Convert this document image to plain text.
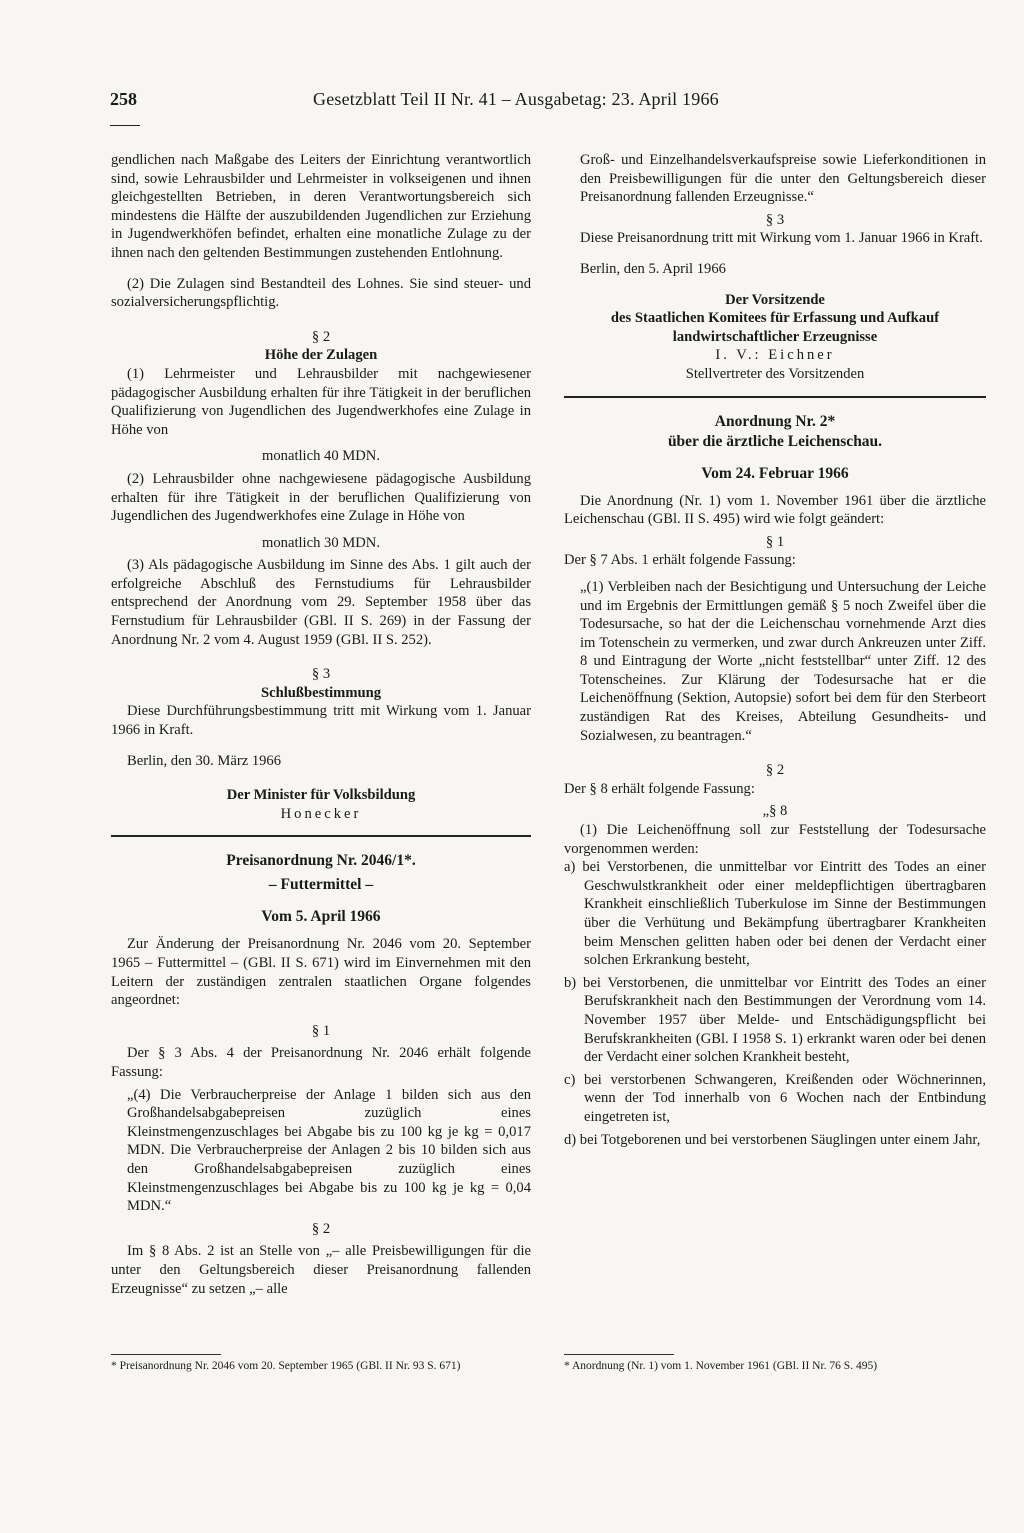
258	Gesetzblatt Teil II Nr. 41 – Ausgabetag: 23. April 1966

gendlichen nach Maßgabe des Leiters der Einrichtung verantwortlich sind, sowie Lehrausbilder und Lehrmeister in volkseigenen und ihnen gleichgestellten Betrieben, in deren Verantwortungsbereich sich mindestens die Hälfte der auszubildenden Jugendlichen zur Erziehung in Jugendwerkhöfen befindet, erhalten eine monatliche Zulage zu der ihnen nach den geltenden Bestimmungen zustehenden Entlohnung.

(2) Die Zulagen sind Bestandteil des Lohnes. Sie sind steuer- und sozialversicherungspflichtig.

§ 2

Höhe der Zulagen

(1) Lehrmeister und Lehrausbilder mit nachgewiesener pädagogischer Ausbildung erhalten für ihre Tätigkeit in der beruflichen Qualifizierung von Jugendlichen des Jugendwerkhofes eine Zulage in Höhe von

monatlich 40 MDN.

(2) Lehrausbilder ohne nachgewiesene pädagogische Ausbildung erhalten für ihre Tätigkeit in der beruflichen Qualifizierung von Jugendlichen des Jugendwerkhofes eine Zulage in Höhe von

monatlich 30 MDN.

(3) Als pädagogische Ausbildung im Sinne des Abs. 1 gilt auch der erfolgreiche Abschluß des Fernstudiums für Lehrausbilder entsprechend der Anordnung vom 29. September 1958 über das Fernstudium für Lehrausbilder (GBl. II S. 269) in der Fassung der Anordnung Nr. 2 vom 4. August 1959 (GBl. II S. 252).

§ 3

Schlußbestimmung

Diese Durchführungsbestimmung tritt mit Wirkung vom 1. Januar 1966 in Kraft.

Berlin, den 30. März 1966

Der Minister für Volksbildung

Honecker

Preisanordnung Nr. 2046/1*.

– Futtermittel –

Vom 5. April 1966

Zur Änderung der Preisanordnung Nr. 2046 vom 20. September 1965 – Futtermittel – (GBl. II S. 671) wird im Einvernehmen mit den Leitern der zuständigen zentralen staatlichen Organe folgendes angeordnet:

§ 1

Der § 3 Abs. 4 der Preisanordnung Nr. 2046 erhält folgende Fassung:

„(4) Die Verbraucherpreise der Anlage 1 bilden sich aus den Großhandelsabgabepreisen zuzüglich eines Kleinstmengenzuschlages bei Abgabe bis zu 100 kg je kg = 0,017 MDN. Die Verbraucherpreise der Anlagen 2 bis 10 bilden sich aus den Großhandelsabgabepreisen zuzüglich eines Kleinstmengenzuschlages bei Abgabe bis zu 100 kg je kg = 0,04 MDN.“

§ 2

Im § 8 Abs. 2 ist an Stelle von „– alle Preisbewilligungen für die unter den Geltungsbereich dieser Preisanordnung fallenden Erzeugnisse“ zu setzen „– alle

Groß- und Einzelhandelsverkaufspreise sowie Lieferkonditionen in den Preisbewilligungen für die unter den Geltungsbereich dieser Preisanordnung fallenden Erzeugnisse.“

§ 3

Diese Preisanordnung tritt mit Wirkung vom 1. Januar 1966 in Kraft.

Berlin, den 5. April 1966

Der Vorsitzende

des Staatlichen Komitees für Erfassung und Aufkauf

landwirtschaftlicher Erzeugnisse

I. V.: Eichner

Stellvertreter des Vorsitzenden

Anordnung Nr. 2*

über die ärztliche Leichenschau.

Vom 24. Februar 1966

Die Anordnung (Nr. 1) vom 1. November 1961 über die ärztliche Leichenschau (GBl. II S. 495) wird wie folgt geändert:

§ 1

Der § 7 Abs. 1 erhält folgende Fassung:

„(1) Verbleiben nach der Besichtigung und Untersuchung der Leiche und im Ergebnis der Ermittlungen gemäß § 5 noch Zweifel über die Todesursache, so hat der die Leichenschau vornehmende Arzt dies im Totenschein zu vermerken, und zwar durch Ankreuzen unter Ziff. 8 und Eintragung der Worte „nicht feststellbar“ unter Ziff. 12 des Totenscheines. Zur Klärung der Todesursache hat er die Leichenöffnung (Sektion, Autopsie) sofort bei dem für den Sterbeort zuständigen Rat des Kreises, Abteilung Gesundheits- und Sozialwesen, zu beantragen.“

§ 2

Der § 8 erhält folgende Fassung:

„§ 8

(1) Die Leichenöffnung soll zur Feststellung der Todesursache vorgenommen werden:

a) bei Verstorbenen, die unmittelbar vor Eintritt des Todes an einer Geschwulstkrankheit oder einer meldepflichtigen übertragbaren Krankheit einschließlich Tuberkulose im Sinne der Bestimmungen über die Verhütung und Bekämpfung übertragbarer Krankheiten beim Menschen gelitten haben oder bei denen der Verdacht einer solchen Erkrankung besteht,

b) bei Verstorbenen, die unmittelbar vor Eintritt des Todes an einer Berufskrankheit nach den Bestimmungen der Verordnung vom 14. November 1957 über Melde- und Entschädigungspflicht bei Berufskrankheiten (GBl. I 1958 S. 1) erkrankt waren oder bei denen der Verdacht einer solchen Krankheit besteht,

c) bei verstorbenen Schwangeren, Kreißenden oder Wöchnerinnen, wenn der Tod innerhalb von 6 Wochen nach der Entbindung eingetreten ist,

d) bei Totgeborenen und bei verstorbenen Säuglingen unter einem Jahr,

* Preisanordnung Nr. 2046 vom 20. September 1965 (GBl. II Nr. 93 S. 671)	* Anordnung (Nr. 1) vom 1. November 1961 (GBl. II Nr. 76 S. 495)
